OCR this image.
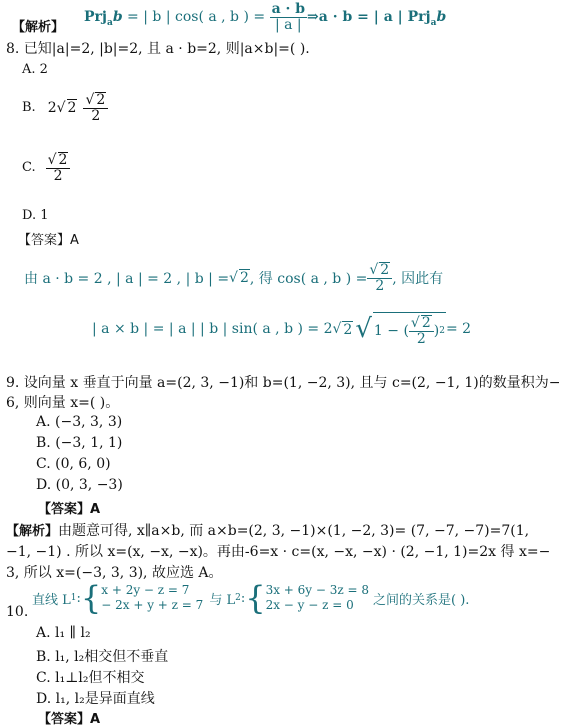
Prj$_a$b = | b | cos( a , b ) = $\frac{a \cdot b}{| a |}$ ⇒a · b = | a | Prj$_a$b
【解析】
8. 已知|a|=2, |b|=2, 且 a · b=2, 则|a×b|=( ).
A. 2
B. 2√ $2 \frac{√ 2}{2}$
C. $\frac{√ 2}{2}$
D. 1
【答案】A
由 a · b = 2 , | a | = 2 , | b | = √ 2 , 得 cos( a , b ) = $\frac{√ 2}{2}$ , 因此有
| a × b | = | a | | b | sin( a , b ) = 2 √ 2 √ 1 − ( $\frac{√ 2}{2}$ ) 2 = 2
9. 设向量 x 垂直于向量 a=(2, 3, −1)和 b=(1, −2, 3), 且与 c=(2, −1, 1)的数量积为−
6, 则向量 x=( )。
A. (−3, 3, 3)
B. (−3, 1, 1)
C. (0, 6, 0)
D. (0, 3, −3)
【答案】A
【解析】由题意可得, x∥a×b, 而 a×b=(2, 3, −1)×(1, −2, 3)= (7, −7, −7)=7(1,
−1, −1) . 所以 x=(x, −x, −x)。再由-6=x · c=(x, −x, −x) · (2, −1, 1)=2x 得 x=−
3, 所以 x=(−3, 3, 3), 故应选 A。
直线 L 1 : { x + 2y − z = 7
− 2x + y + z = 7 与 L 2 : { 3x + 6y − 3z = 8
2x − y − z = 0	之间的关系是( ).
10.
A. l₁ ∥ l₂
B. l₁, l₂相交但不垂直
C. l₁⊥l₂但不相交
D. l₁, l₂是异面直线
【答案】A
